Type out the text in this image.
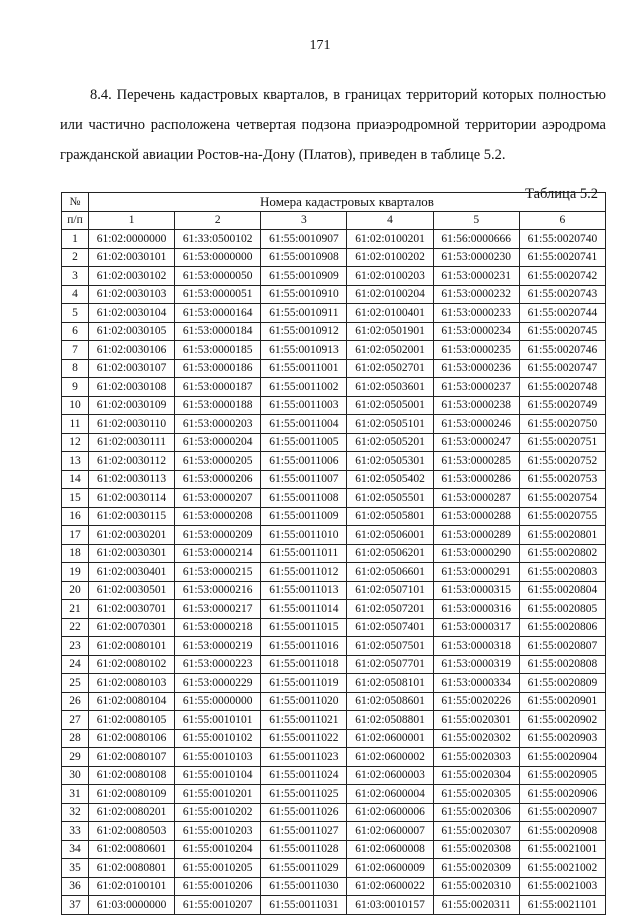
171

8.4. Перечень кадастровых кварталов, в границах территорий которых полностью

или частично расположена четвертая подзона приаэродромной территории аэродрома

гражданской авиации Ростов-на-Дону (Платов), приведен в таблице 5.2.

Таблица 5.2
№	Номера кадастровых кварталов					
п/п	1	2	3	4	5	6
1	61:02:0000000	61:33:0500102	61:55:0010907	61:02:0100201	61:56:0000666	61:55:0020740
2	61:02:0030101	61:53:0000000	61:55:0010908	61:02:0100202	61:53:0000230	61:55:0020741
3	61:02:0030102	61:53:0000050	61:55:0010909	61:02:0100203	61:53:0000231	61:55:0020742
4	61:02:0030103	61:53:0000051	61:55:0010910	61:02:0100204	61:53:0000232	61:55:0020743
5	61:02:0030104	61:53:0000164	61:55:0010911	61:02:0100401	61:53:0000233	61:55:0020744
6	61:02:0030105	61:53:0000184	61:55:0010912	61:02:0501901	61:53:0000234	61:55:0020745
7	61:02:0030106	61:53:0000185	61:55:0010913	61:02:0502001	61:53:0000235	61:55:0020746
8	61:02:0030107	61:53:0000186	61:55:0011001	61:02:0502701	61:53:0000236	61:55:0020747
9	61:02:0030108	61:53:0000187	61:55:0011002	61:02:0503601	61:53:0000237	61:55:0020748
10	61:02:0030109	61:53:0000188	61:55:0011003	61:02:0505001	61:53:0000238	61:55:0020749
11	61:02:0030110	61:53:0000203	61:55:0011004	61:02:0505101	61:53:0000246	61:55:0020750
12	61:02:0030111	61:53:0000204	61:55:0011005	61:02:0505201	61:53:0000247	61:55:0020751
13	61:02:0030112	61:53:0000205	61:55:0011006	61:02:0505301	61:53:0000285	61:55:0020752
14	61:02:0030113	61:53:0000206	61:55:0011007	61:02:0505402	61:53:0000286	61:55:0020753
15	61:02:0030114	61:53:0000207	61:55:0011008	61:02:0505501	61:53:0000287	61:55:0020754
16	61:02:0030115	61:53:0000208	61:55:0011009	61:02:0505801	61:53:0000288	61:55:0020755
17	61:02:0030201	61:53:0000209	61:55:0011010	61:02:0506001	61:53:0000289	61:55:0020801
18	61:02:0030301	61:53:0000214	61:55:0011011	61:02:0506201	61:53:0000290	61:55:0020802
19	61:02:0030401	61:53:0000215	61:55:0011012	61:02:0506601	61:53:0000291	61:55:0020803
20	61:02:0030501	61:53:0000216	61:55:0011013	61:02:0507101	61:53:0000315	61:55:0020804
21	61:02:0030701	61:53:0000217	61:55:0011014	61:02:0507201	61:53:0000316	61:55:0020805
22	61:02:0070301	61:53:0000218	61:55:0011015	61:02:0507401	61:53:0000317	61:55:0020806
23	61:02:0080101	61:53:0000219	61:55:0011016	61:02:0507501	61:53:0000318	61:55:0020807
24	61:02:0080102	61:53:0000223	61:55:0011018	61:02:0507701	61:53:0000319	61:55:0020808
25	61:02:0080103	61:53:0000229	61:55:0011019	61:02:0508101	61:53:0000334	61:55:0020809
26	61:02:0080104	61:55:0000000	61:55:0011020	61:02:0508601	61:55:0020226	61:55:0020901
27	61:02:0080105	61:55:0010101	61:55:0011021	61:02:0508801	61:55:0020301	61:55:0020902
28	61:02:0080106	61:55:0010102	61:55:0011022	61:02:0600001	61:55:0020302	61:55:0020903
29	61:02:0080107	61:55:0010103	61:55:0011023	61:02:0600002	61:55:0020303	61:55:0020904
30	61:02:0080108	61:55:0010104	61:55:0011024	61:02:0600003	61:55:0020304	61:55:0020905
31	61:02:0080109	61:55:0010201	61:55:0011025	61:02:0600004	61:55:0020305	61:55:0020906
32	61:02:0080201	61:55:0010202	61:55:0011026	61:02:0600006	61:55:0020306	61:55:0020907
33	61:02:0080503	61:55:0010203	61:55:0011027	61:02:0600007	61:55:0020307	61:55:0020908
34	61:02:0080601	61:55:0010204	61:55:0011028	61:02:0600008	61:55:0020308	61:55:0021001
35	61:02:0080801	61:55:0010205	61:55:0011029	61:02:0600009	61:55:0020309	61:55:0021002
36	61:02:0100101	61:55:0010206	61:55:0011030	61:02:0600022	61:55:0020310	61:55:0021003
37	61:03:0000000	61:55:0010207	61:55:0011031	61:03:0010157	61:55:0020311	61:55:0021101
